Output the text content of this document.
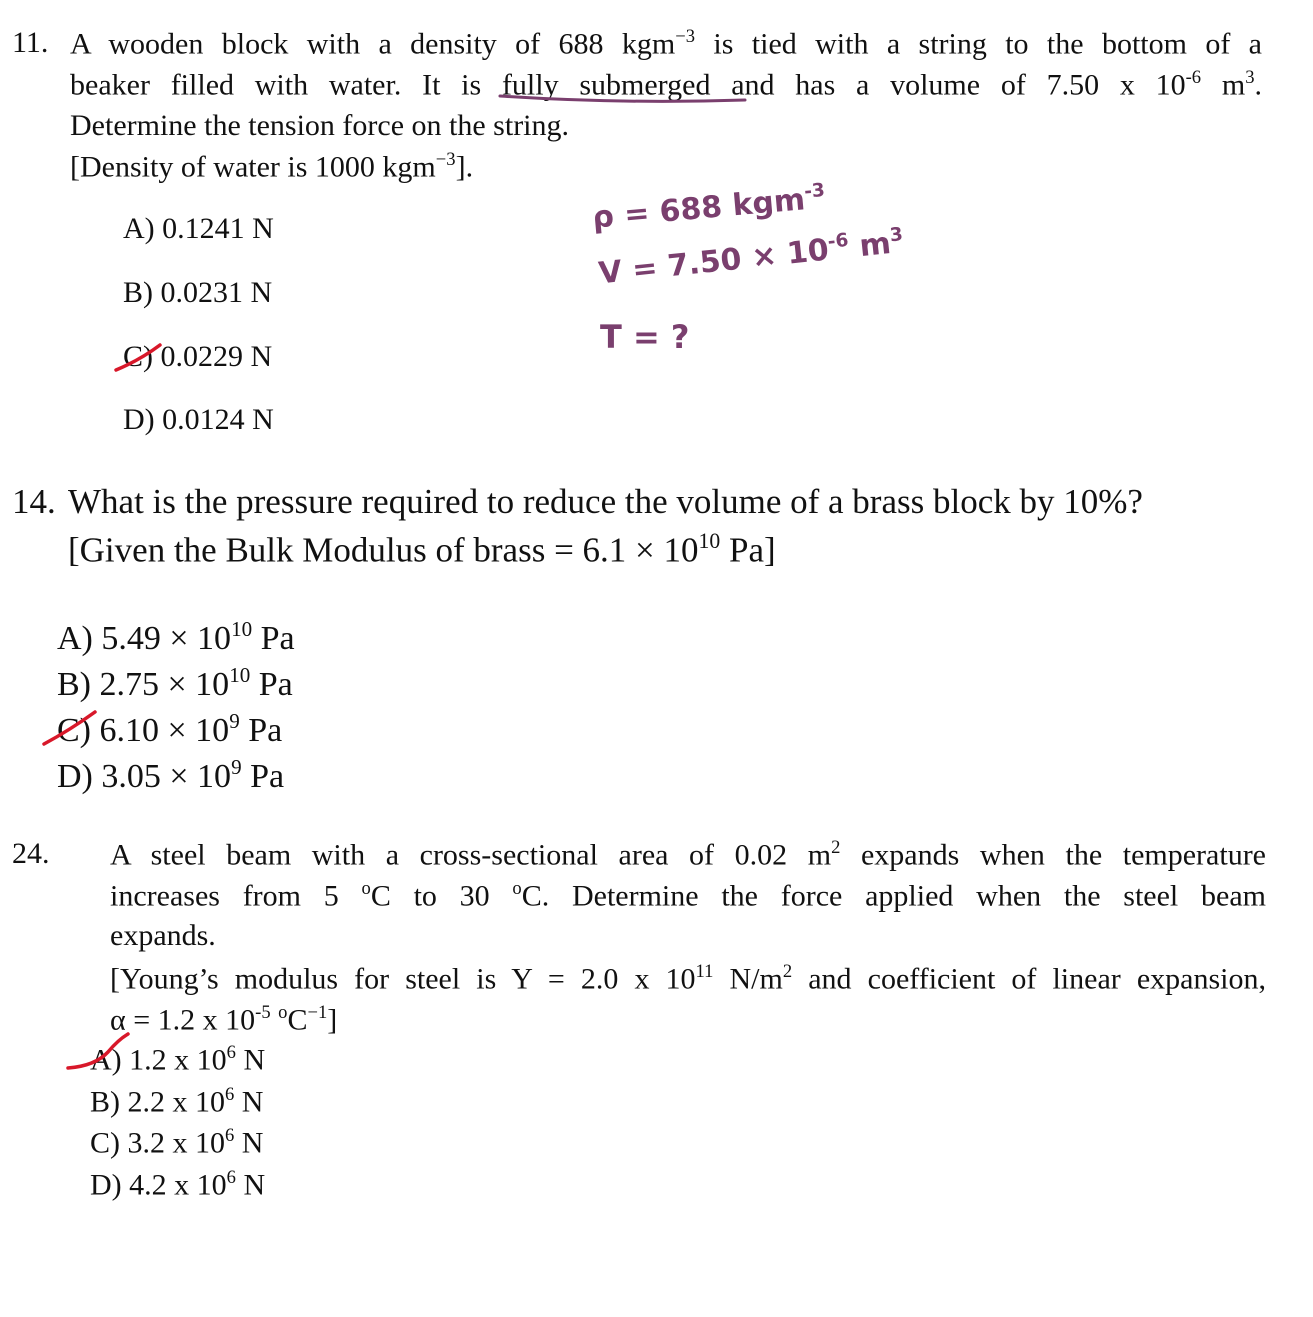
11. A wooden block with a density of 688 kgm$^{-3}$ is tied with a string to the bottom of a
beaker filled with water. It is fully submerged and has a volume of 7.50 x $10^{-6}$ $m^3$.
Determine the tension force on the string.
[Density of water is 1000 kgm$^{-3}$].
A) 0.1241 N
B) 0.0231 N
C) 0.0229 N
D) 0.0124 N
14. What is the pressure required to reduce the volume of a brass block by 10%?
[Given the Bulk Modulus of brass = $6.1 \times 10^{10}$ Pa]
A) $5.49 \times 10^{10}$ Pa
B) $2.75 \times 10^{10}$ Pa
C) $6.10 \times 10^9$ Pa
D) $3.05 \times 10^9$ Pa
24. A steel beam with a cross-sectional area of 0.02 $m^2$ expands when the temperature
increases from 5 $^o$C to 30 $^o$C. Determine the force applied when the steel beam
expands.
[Young’s modulus for steel is Y = 2.0 x $10^{11}$ $N/m^2$ and coefficient of linear expansion,
α = 1.2 x $10^{-5}$ $^oC^{-1}$]
A) 1.2 x $10^6$ N
B) 2.2 x $10^6$ N
C) 3.2 x $10^6$ N
D) 4.2 x $10^6$ N
ρ = 688 kgm$^{-3}$
$V = 7.50 \times 10^{-6}$ $m^3$
T = ?
